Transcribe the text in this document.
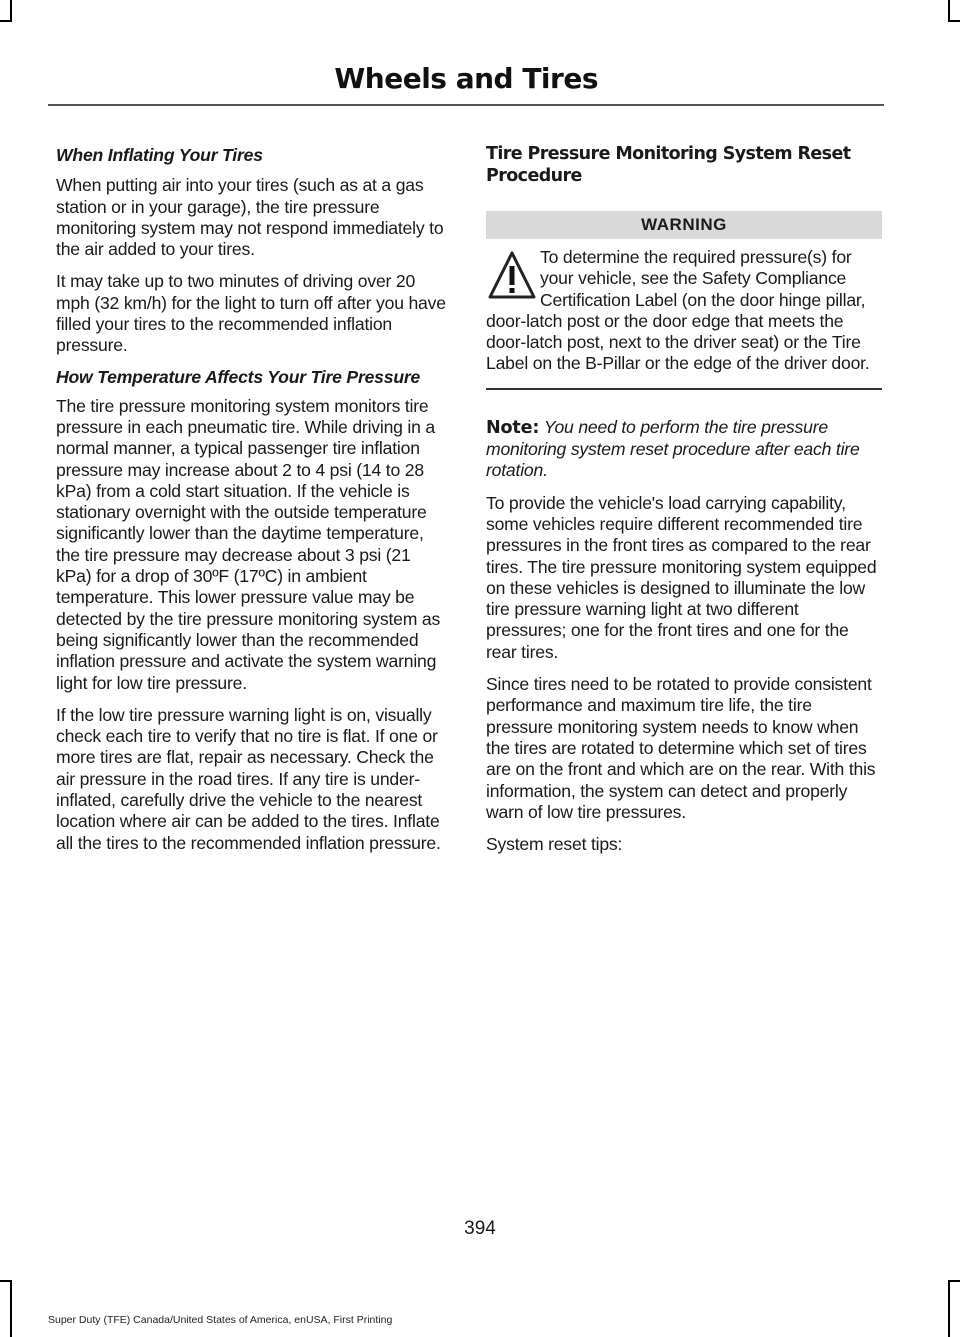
Wheels and Tires
When Inflating Your Tires

When putting air into your tires (such as at a gas station or in your garage), the tire pressure monitoring system may not respond immediately to the air added to your tires.

It may take up to two minutes of driving over 20 mph (32 km/h) for the light to turn off after you have filled your tires to the recommended inflation pressure.

How Temperature Affects Your Tire Pressure

The tire pressure monitoring system monitors tire pressure in each pneumatic tire. While driving in a normal manner, a typical passenger tire inflation pressure may increase about 2 to 4 psi (14 to 28 kPa) from a cold start situation. If the vehicle is stationary overnight with the outside temperature significantly lower than the daytime temperature, the tire pressure may decrease about 3 psi (21 kPa) for a drop of 30ºF (17ºC) in ambient temperature. This lower pressure value may be detected by the tire pressure monitoring system as being significantly lower than the recommended inflation pressure and activate the system warning light for low tire pressure.

If the low tire pressure warning light is on, visually check each tire to verify that no tire is flat. If one or more tires are flat, repair as necessary. Check the air pressure in the road tires. If any tire is under-inflated, carefully drive the vehicle to the nearest location where air can be added to the tires. Inflate all the tires to the recommended inflation pressure.

Tire Pressure Monitoring System Reset Procedure
WARNING
To determine the required pressure(s) for your vehicle, see the Safety Compliance Certification Label (on the door hinge pillar, door-latch post or the door edge that meets the door-latch post, next to the driver seat) or the Tire Label on the B-Pillar or the edge of the driver door.

Note: You need to perform the tire pressure monitoring system reset procedure after each tire rotation.

To provide the vehicle's load carrying capability, some vehicles require different recommended tire pressures in the front tires as compared to the rear tires. The tire pressure monitoring system equipped on these vehicles is designed to illuminate the low tire pressure warning light at two different pressures; one for the front tires and one for the rear tires.

Since tires need to be rotated to provide consistent performance and maximum tire life, the tire pressure monitoring system needs to know when the tires are rotated to determine which set of tires are on the front and which are on the rear. With this information, the system can detect and properly warn of low tire pressures.

System reset tips:

394
Super Duty (TFE) Canada/United States of America, enUSA, First Printing
